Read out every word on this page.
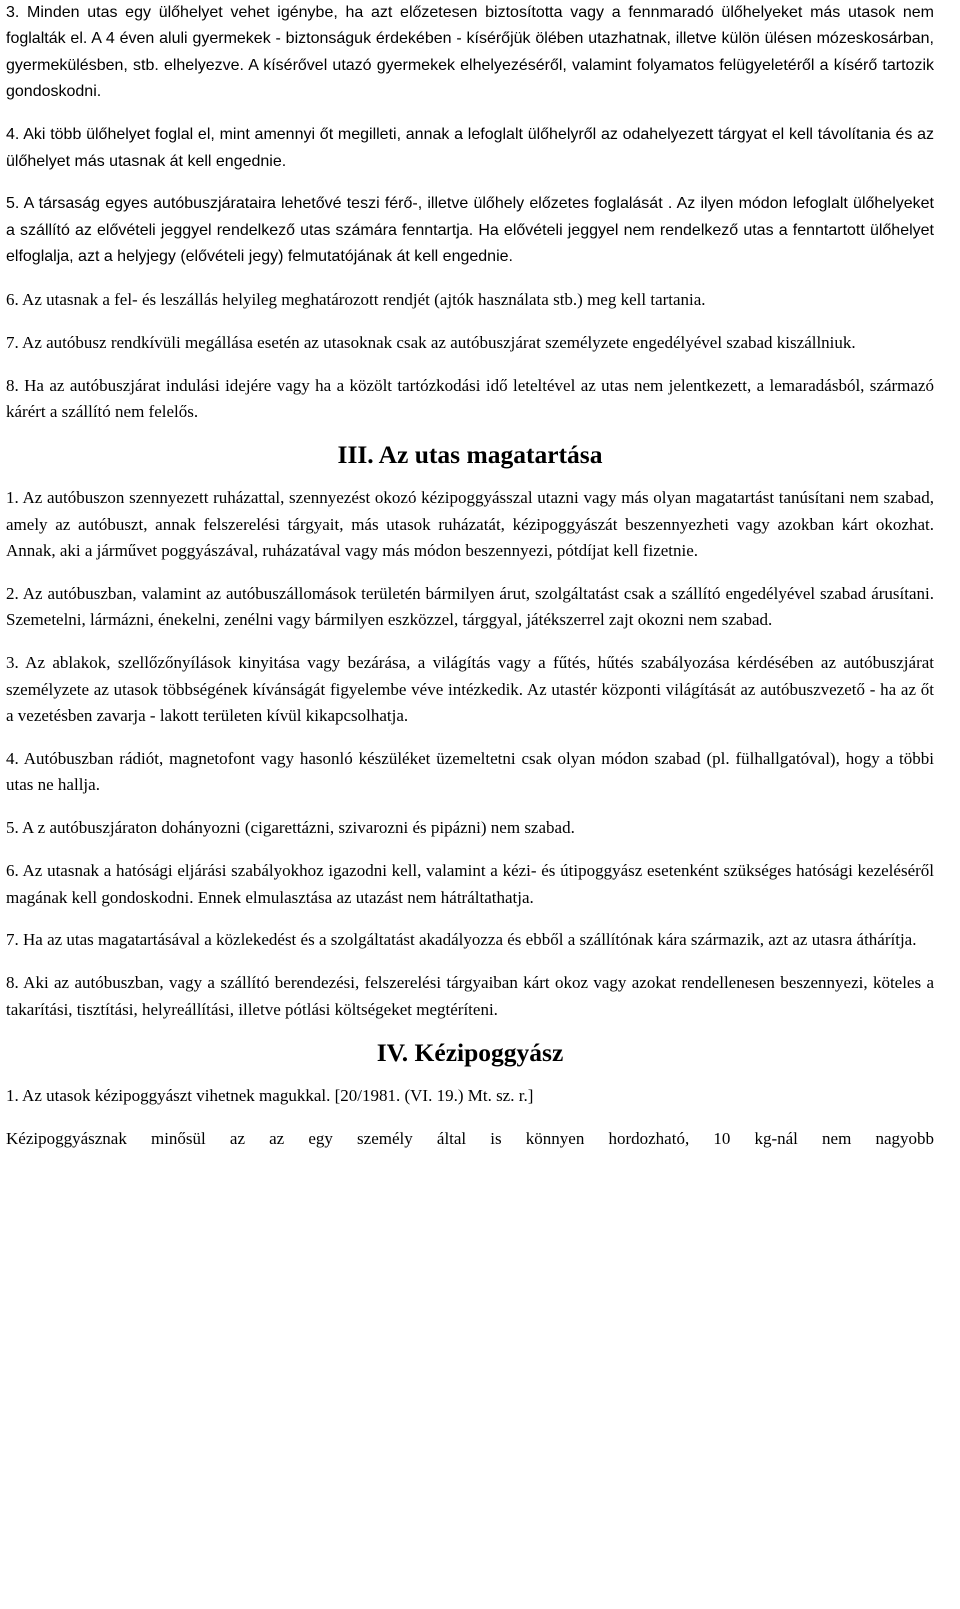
3. Minden utas egy ülőhelyet vehet igénybe, ha azt előzetesen biztosította vagy a fennmaradó ülőhelyeket más utasok nem foglalták el. A 4 éven aluli gyermekek - biztonságuk érdekében - kísérőjük ölében utazhatnak, illetve külön ülésen mózeskosárban, gyermekülésben, stb. elhelyezve. A kísérővel utazó gyermekek elhelyezéséről, valamint folyamatos felügyeletéről a kísérő tartozik gondoskodni.

4. Aki több ülőhelyet foglal el, mint amennyi őt megilleti, annak a lefoglalt ülőhelyről az odahelyezett tárgyat el kell távolítania és az ülőhelyet más utasnak át kell engednie.

5. A társaság egyes autóbuszjárataira lehetővé teszi férő-, illetve ülőhely előzetes foglalását . Az ilyen módon lefoglalt ülőhelyeket a szállító az elővételi jeggyel rendelkező utas számára fenntartja. Ha elővételi jeggyel nem rendelkező utas a fenntartott ülőhelyet elfoglalja, azt a helyjegy (elővételi jegy) felmutatójának át kell engednie.

6. Az utasnak a fel- és leszállás helyileg meghatározott rendjét (ajtók használata stb.) meg kell tartania.

7. Az autóbusz rendkívüli megállása esetén az utasoknak csak az autóbuszjárat személyzete engedélyével szabad kiszállniuk.

8. Ha az autóbuszjárat indulási idejére vagy ha a közölt tartózkodási idő leteltével az utas nem jelentkezett, a lemaradásból, származó kárért a szállító nem felelős.

III. Az utas magatartása

1. Az autóbuszon szennyezett ruházattal, szennyezést okozó kézipoggyásszal utazni vagy más olyan magatartást tanúsítani nem szabad, amely az autóbuszt, annak felszerelési tárgyait, más utasok ruházatát, kézipoggyászát beszennyezheti vagy azokban kárt okozhat. Annak, aki a járművet poggyászával, ruházatával vagy más módon beszennyezi, pótdíjat kell fizetnie.

2. Az autóbuszban, valamint az autóbuszállomások területén bármilyen árut, szolgáltatást csak a szállító engedélyével szabad árusítani. Szemetelni, lármázni, énekelni, zenélni vagy bármilyen eszközzel, tárggyal, játékszerrel zajt okozni nem szabad.

3. Az ablakok, szellőzőnyílások kinyitása vagy bezárása, a világítás vagy a fűtés, hűtés szabályozása kérdésében az autóbuszjárat személyzete az utasok többségének kívánságát figyelembe véve intézkedik. Az utastér központi világítását az autóbuszvezető - ha az őt a vezetésben zavarja - lakott területen kívül kikapcsolhatja.

4. Autóbuszban rádiót, magnetofont vagy hasonló készüléket üzemeltetni csak olyan módon szabad (pl. fülhallgatóval), hogy a többi utas ne hallja.

5. A z autóbuszjáraton dohányozni (cigarettázni, szivarozni és pipázni) nem szabad.

6. Az utasnak a hatósági eljárási szabályokhoz igazodni kell, valamint a kézi- és útipoggyász esetenként szükséges hatósági kezeléséről magának kell gondoskodni. Ennek elmulasztása az utazást nem hátráltathatja.

7. Ha az utas magatartásával a közlekedést és a szolgáltatást akadályozza és ebből a szállítónak kára származik, azt az utasra áthárítja.

8. Aki az autóbuszban, vagy a szállító berendezési, felszerelési tárgyaiban kárt okoz vagy azokat rendellenesen beszennyezi, köteles a takarítási, tisztítási, helyreállítási, illetve pótlási költségeket megtéríteni.

IV. Kézipoggyász

1. Az utasok kézipoggyászt vihetnek magukkal. [20/1981. (VI. 19.) Mt. sz. r.]

Kézipoggyásznak minősül az az egy személy által is könnyen hordozható, 10 kg-nál nem nagyobb
